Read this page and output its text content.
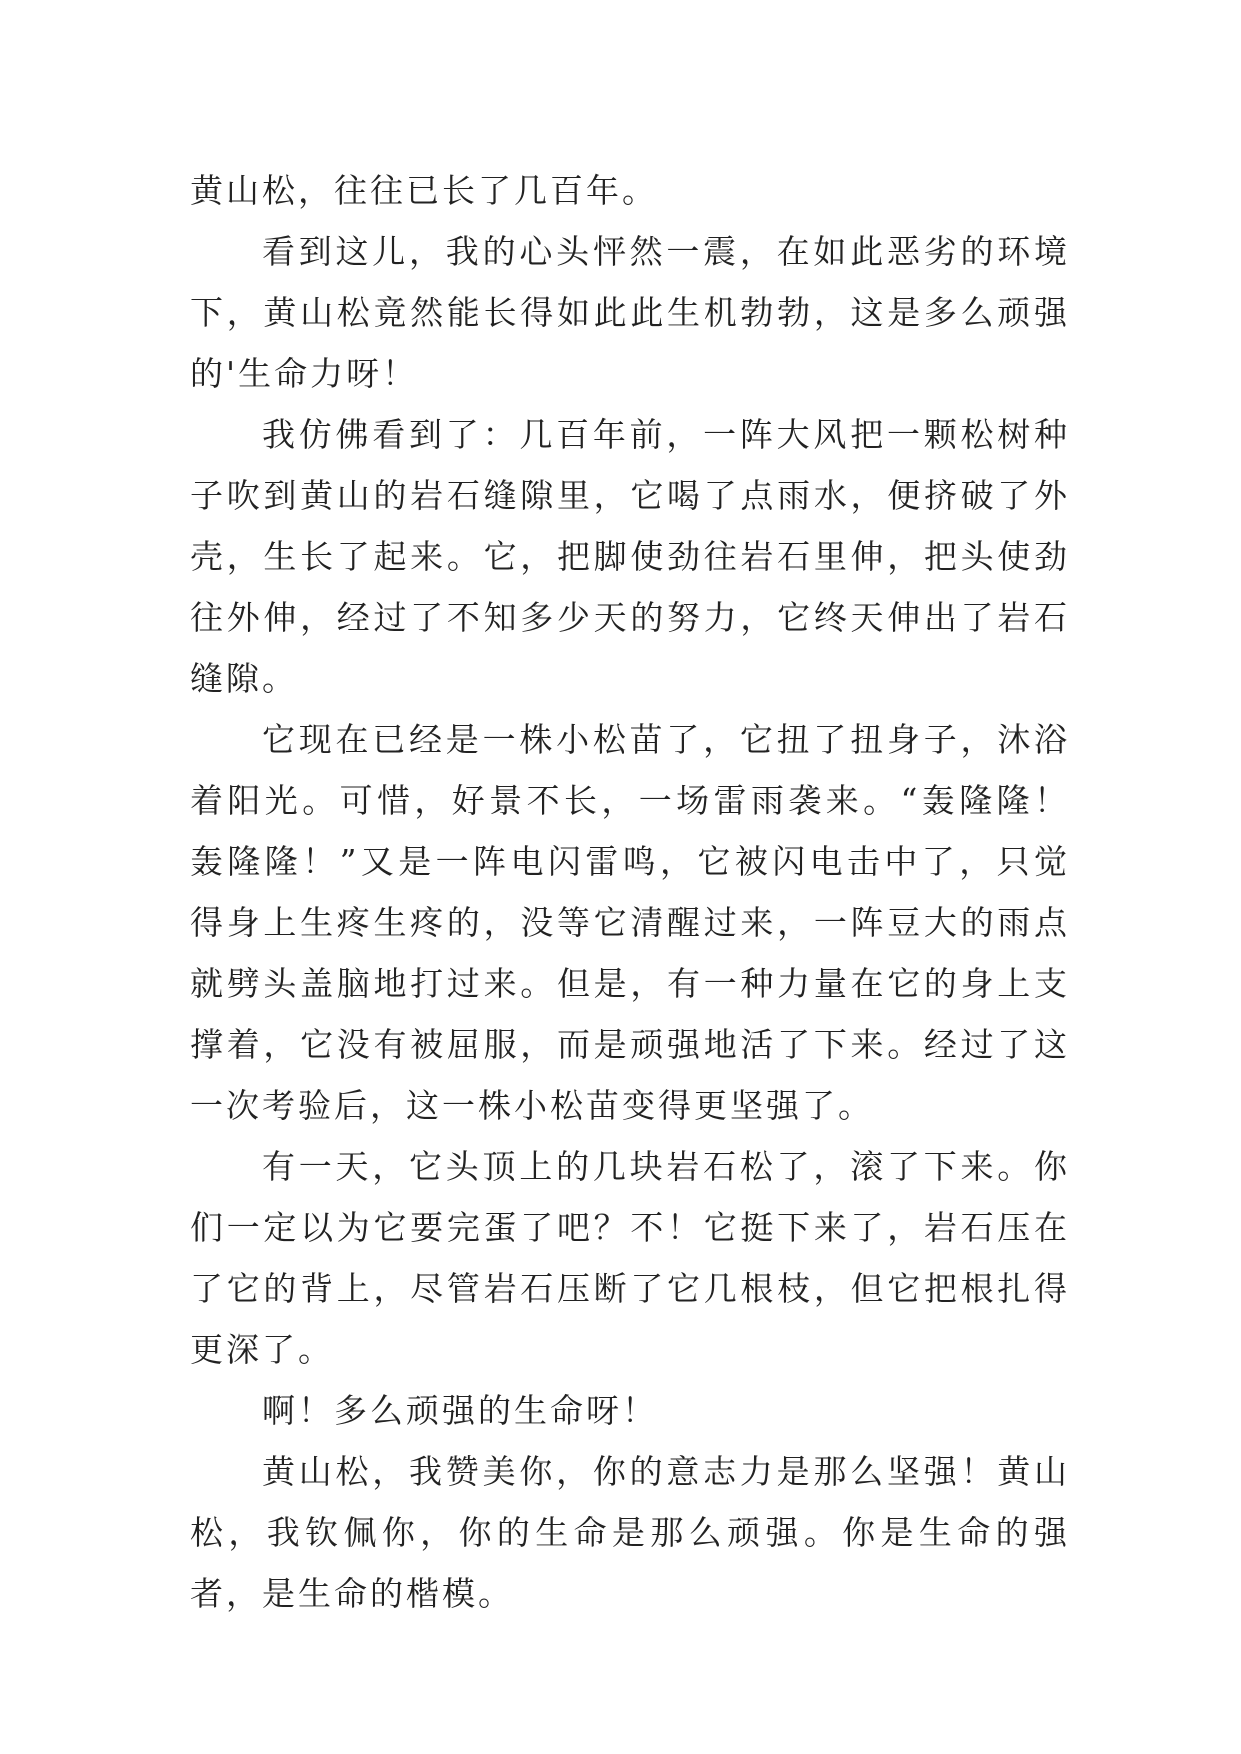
黄山松，往往已长了几百年。

看到这儿，我的心头怦然一震，在如此恶劣的环境下，黄山松竟然能长得如此此生机勃勃，这是多么顽强的'生命力呀！

我仿佛看到了：几百年前，一阵大风把一颗松树种子吹到黄山的岩石缝隙里，它喝了点雨水，便挤破了外壳，生长了起来。它，把脚使劲往岩石里伸，把头使劲往外伸，经过了不知多少天的努力，它终天伸出了岩石缝隙。

它现在已经是一株小松苗了，它扭了扭身子，沐浴着阳光。可惜，好景不长，一场雷雨袭来。“轰隆隆！轰隆隆！”又是一阵电闪雷鸣，它被闪电击中了，只觉得身上生疼生疼的，没等它清醒过来，一阵豆大的雨点就劈头盖脑地打过来。但是，有一种力量在它的身上支撑着，它没有被屈服，而是顽强地活了下来。经过了这一次考验后，这一株小松苗变得更坚强了。

有一天，它头顶上的几块岩石松了，滚了下来。你们一定以为它要完蛋了吧？不！它挺下来了，岩石压在了它的背上，尽管岩石压断了它几根枝，但它把根扎得更深了。

啊！多么顽强的生命呀！

黄山松，我赞美你，你的意志力是那么坚强！黄山松，我钦佩你，你的生命是那么顽强。你是生命的强者，是生命的楷模。
